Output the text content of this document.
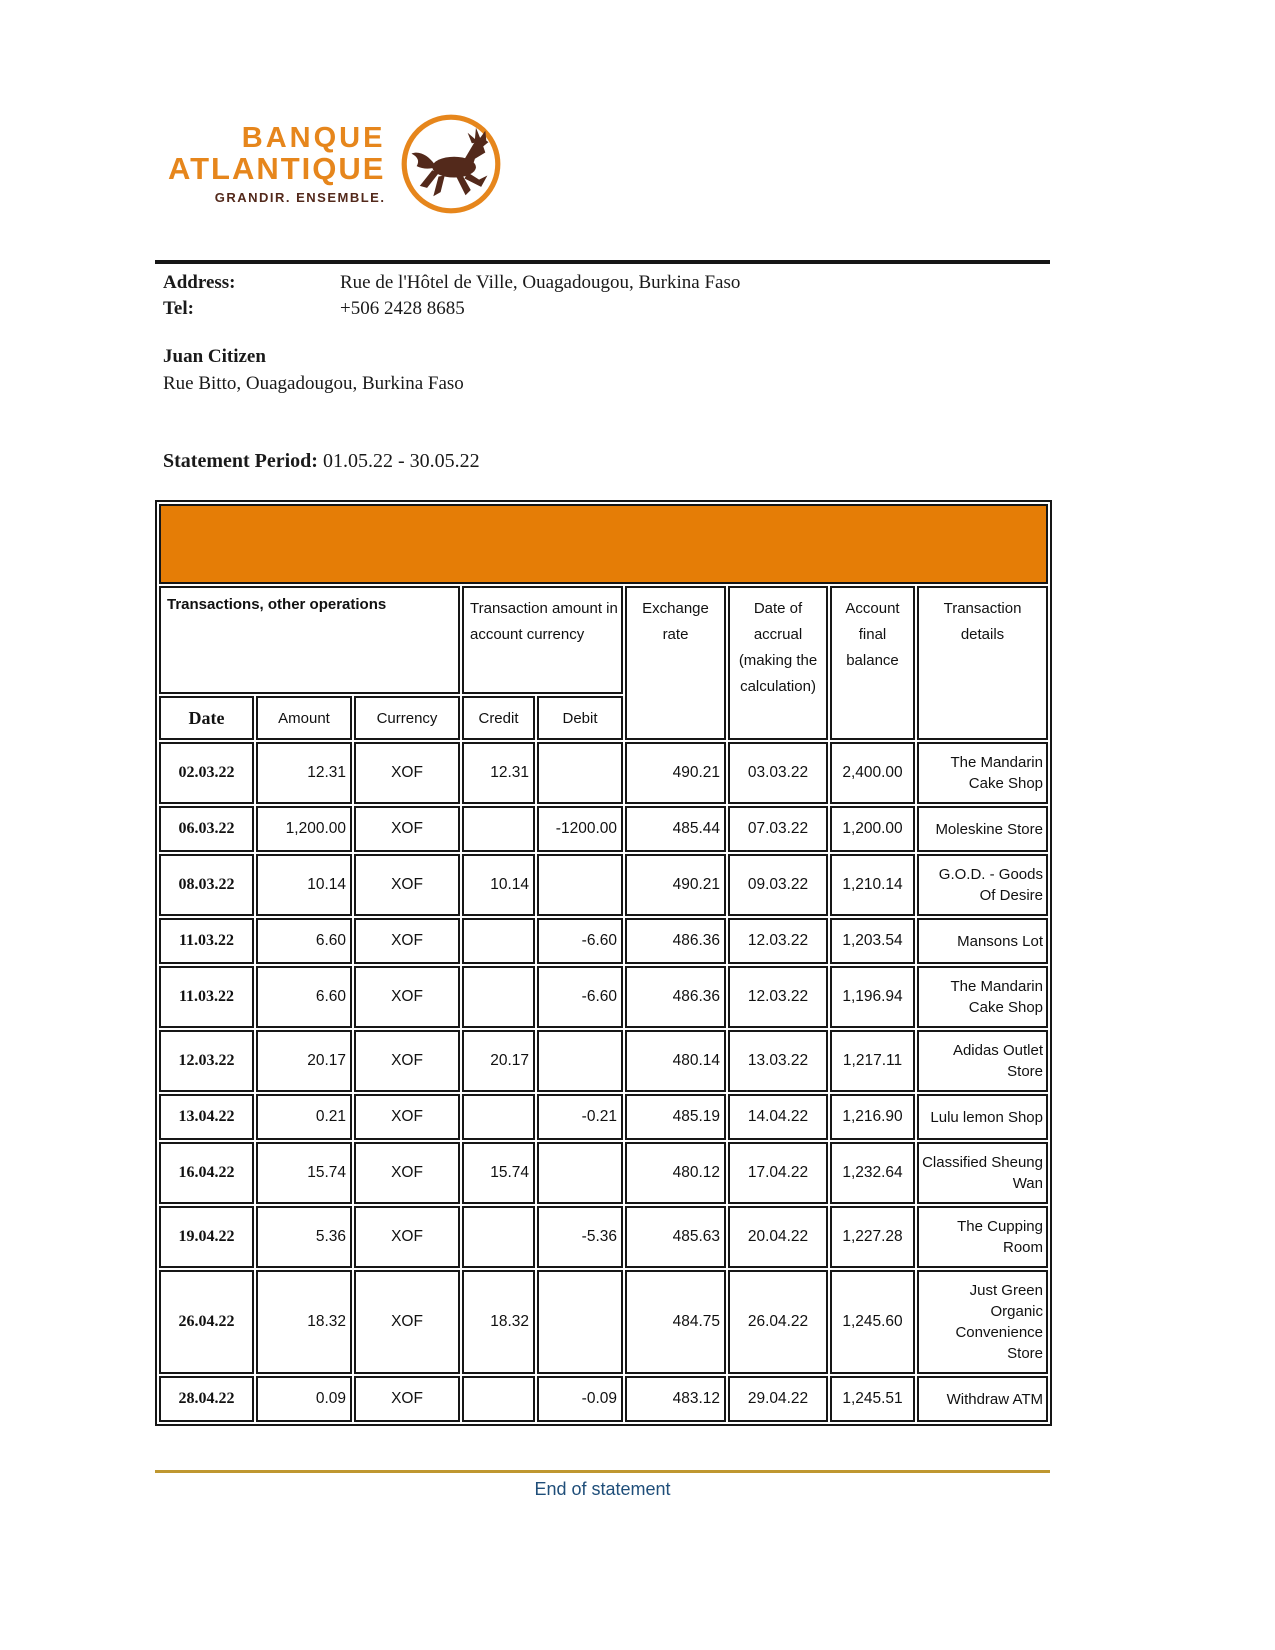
BANQUE
ATLANTIQUE
GRANDIR. ENSEMBLE.
Address:	Rue de l'Hôtel de Ville, Ouagadougou, Burkina Faso
Tel:	+506 2428 8685
Juan Citizen
Rue Bitto, Ouagadougou, Burkina Faso
Statement Period: 01.05.22 - 30.05.22

Transactions, other operations			Transaction amount in account currency		Exchange rate	Date of accrual (making the calculation)	Account final balance	Transaction details
Date	Amount	Currency	Credit	Debit				
02.03.22	12.31	XOF	12.31		490.21	03.03.22	2,400.00	The Mandarin Cake Shop
06.03.22	1,200.00	XOF		-1200.00	485.44	07.03.22	1,200.00	Moleskine Store
08.03.22	10.14	XOF	10.14		490.21	09.03.22	1,210.14	G.O.D. - Goods Of Desire
11.03.22	6.60	XOF		-6.60	486.36	12.03.22	1,203.54	Mansons Lot
11.03.22	6.60	XOF		-6.60	486.36	12.03.22	1,196.94	The Mandarin Cake Shop
12.03.22	20.17	XOF	20.17		480.14	13.03.22	1,217.11	Adidas Outlet Store
13.04.22	0.21	XOF		-0.21	485.19	14.04.22	1,216.90	Lulu lemon Shop
16.04.22	15.74	XOF	15.74		480.12	17.04.22	1,232.64	Classified Sheung Wan
19.04.22	5.36	XOF		-5.36	485.63	20.04.22	1,227.28	The Cupping Room
26.04.22	18.32	XOF	18.32		484.75	26.04.22	1,245.60	Just Green Organic Convenience Store
28.04.22	0.09	XOF		-0.09	483.12	29.04.22	1,245.51	Withdraw ATM
End of statement
